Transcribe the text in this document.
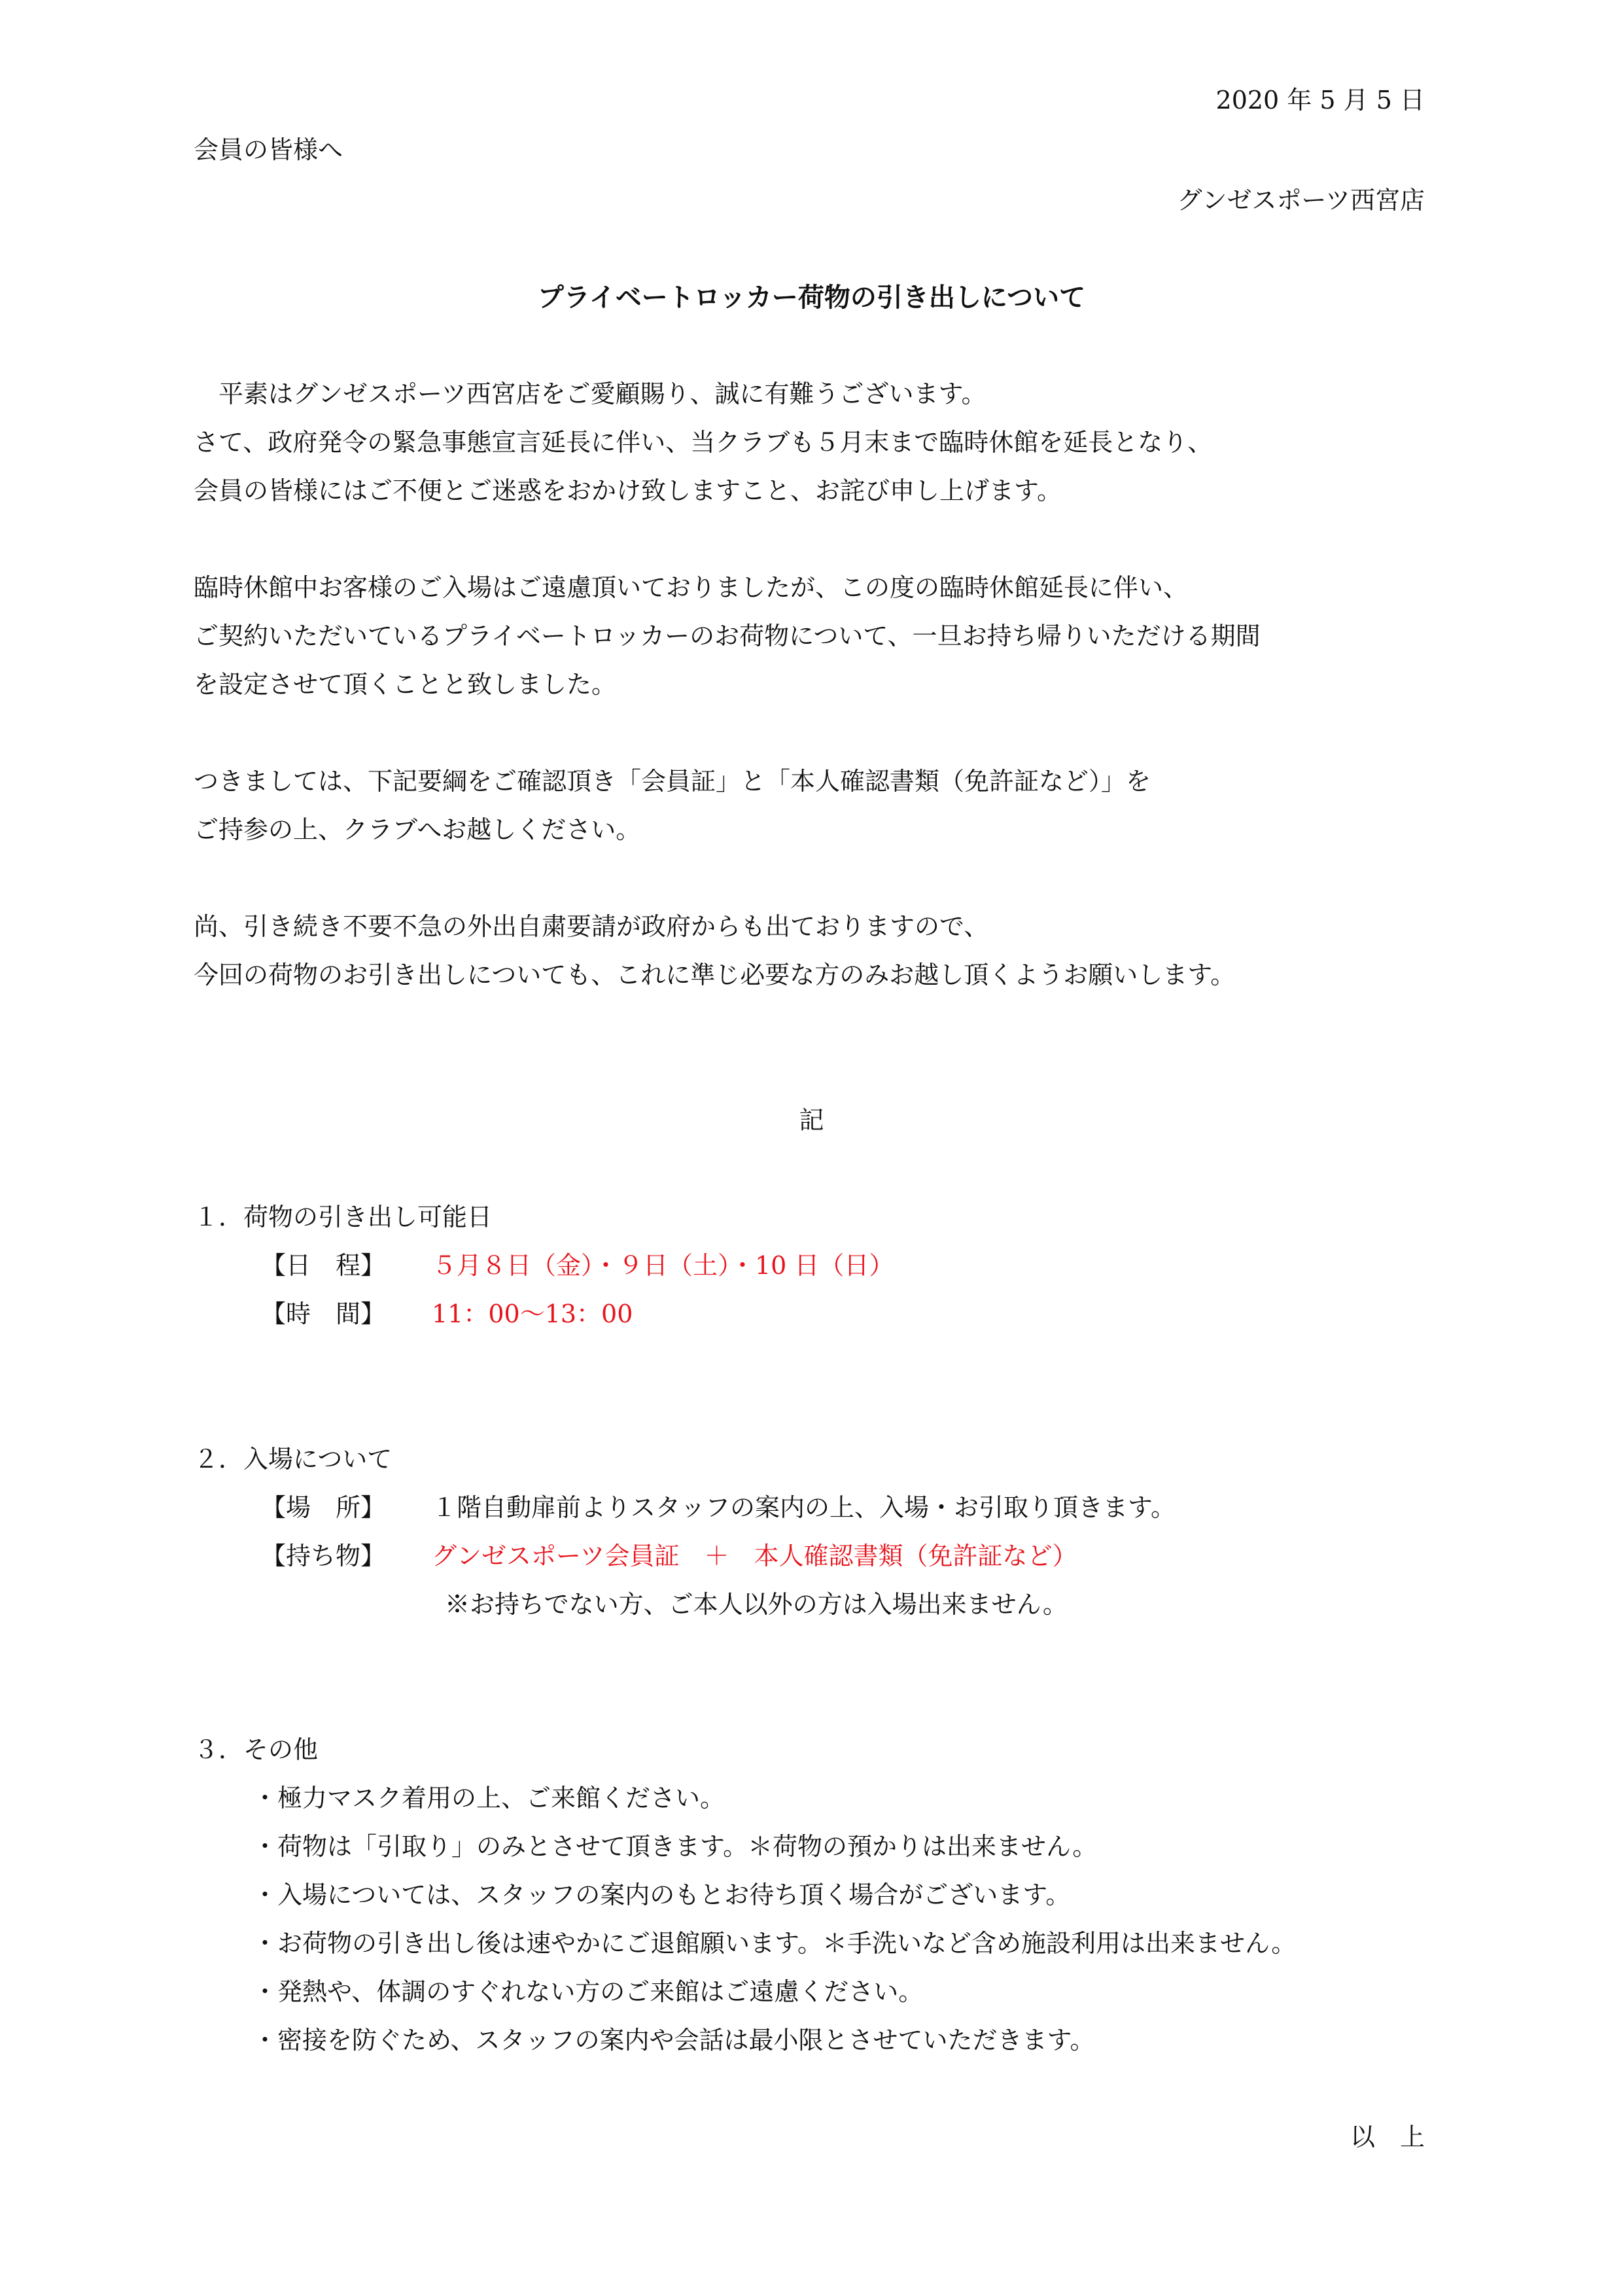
2020 年 5 月 5 日
会員の皆様へ
グンゼスポーツ西宮店
プライベートロッカー荷物の引き出しについて
　平素はグンゼスポーツ西宮店をご愛顧賜り、誠に有難うございます。
さて、政府発令の緊急事態宣言延長に伴い、当クラブも５月末まで臨時休館を延長となり、
会員の皆様にはご不便とご迷惑をおかけ致しますこと、お詫び申し上げます。
臨時休館中お客様のご入場はご遠慮頂いておりましたが、この度の臨時休館延長に伴い、
ご契約いただいているプライベートロッカーのお荷物について、一旦お持ち帰りいただける期間
を設定させて頂くことと致しました。
つきましては、下記要綱をご確認頂き「会員証」と「本人確認書類（免許証など）」を
ご持参の上、クラブへお越しください。
尚、引き続き不要不急の外出自粛要請が政府からも出ておりますので、
今回の荷物のお引き出しについても、これに準じ必要な方のみお越し頂くようお願いします。
記
１．荷物の引き出し可能日
【日　程】 ５月８日（金）・９日（土）・10 日（日）
【時　間】 11：00〜13：00
２．入場について
【場　所】 １階自動扉前よりスタッフの案内の上、入場・お引取り頂きます。
【持ち物】 グンゼスポーツ会員証　＋　本人確認書類（免許証など）
※お持ちでない方、ご本人以外の方は入場出来ません。
３．その他
・極力マスク着用の上、ご来館ください。
・荷物は「引取り」のみとさせて頂きます。＊荷物の預かりは出来ません。
・入場については、スタッフの案内のもとお待ち頂く場合がございます。
・お荷物の引き出し後は速やかにご退館願います。＊手洗いなど含め施設利用は出来ません。
・発熱や、体調のすぐれない方のご来館はご遠慮ください。
・密接を防ぐため、スタッフの案内や会話は最小限とさせていただきます。
以　上
